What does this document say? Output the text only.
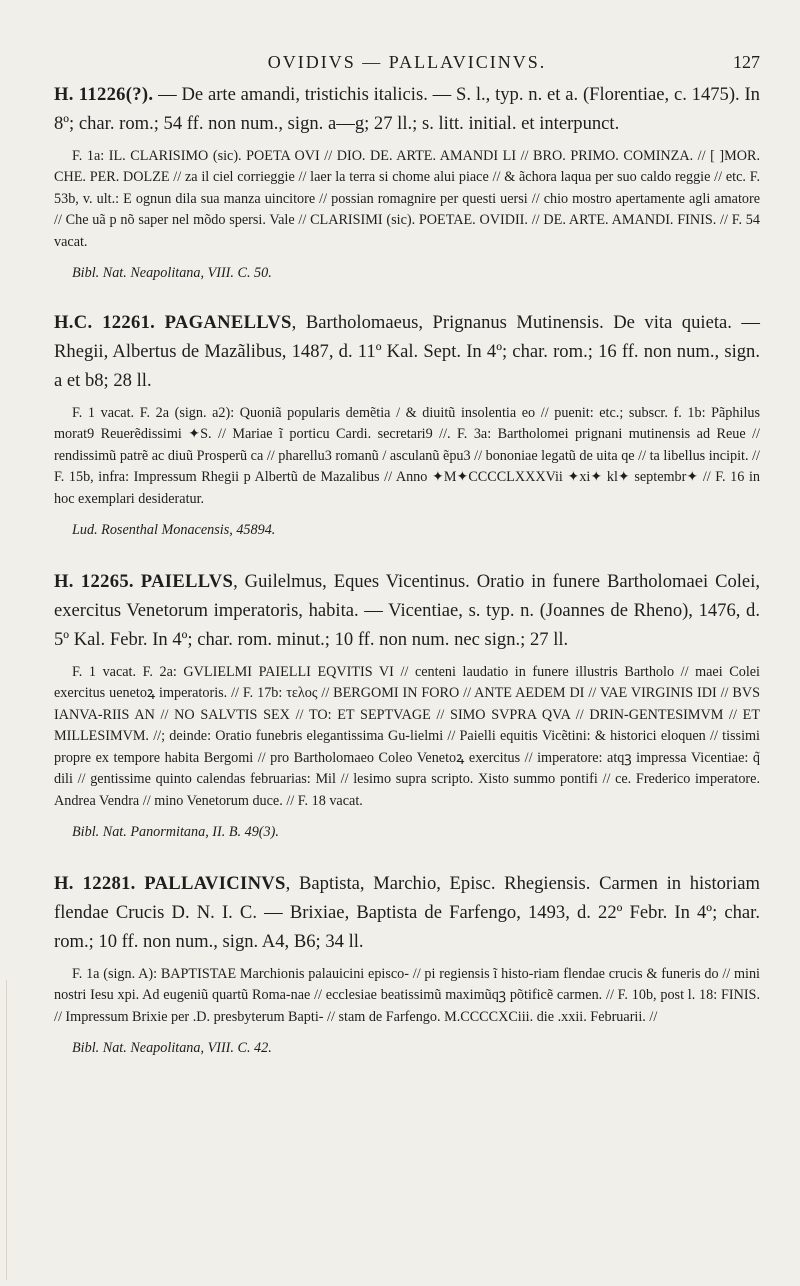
OVIDIVS — PALLAVICINVS.	127

H. 11226(?). — De arte amandi, tristichis italicis. — S. l., typ. n. et a. (Florentiae, c. 1475). In 8º; char. rom.; 54 ff. non num., sign. a—g; 27 ll.; s. litt. initial. et interpunct.

F. 1a: IL. CLARISIMO (sic). POETA OVI // DIO. DE. ARTE. AMANDI LI // BRO. PRIMO. COMINZA. // [ ]MOR. CHE. PER. DOLZE // za il ciel corrieggie // laer la terra si chome alui piace // & ãchora laqua per suo caldo reggie // etc. F. 53b, v. ult.: E ognun dila sua manza uincitore // possian romagnire per questi uersi // chio mostro apertamente agli amatore // Che uã p nõ saper nel mõdo spersi. Vale // CLARISIMI (sic). POETAE. OVIDII. // DE. ARTE. AMANDI. FINIS. // F. 54 vacat.

Bibl. Nat. Neapolitana, VIII. C. 50.

H.C. 12261. PAGANELLVS, Bartholomaeus, Prignanus Mutinensis. De vita quieta. — Rhegii, Albertus de Mazãlibus, 1487, d. 11º Kal. Sept. In 4º; char. rom.; 16 ff. non num., sign. a et b8; 28 ll.

F. 1 vacat. F. 2a (sign. a2): Quoniã popularis demẽtia / & diuitũ insolentia eo // puenit: etc.; subscr. f. 1b: Pãphilus morat9 Reuerẽdissimi ✦S. // Mariae ĩ porticu Cardi. secretari9 //. F. 3a: Bartholomei prignani mutinensis ad Reue // rendissimũ patrẽ ac diuũ Prosperũ ca // pharellu3 romanũ / asculanũ ẽpu3 // bononiae legatũ de uita qe // ta libellus incipit. // F. 15b, infra: Impressum Rhegii p Albertũ de Mazalibus // Anno ✦M✦CCCCLXXXVii ✦xi✦ kl✦ septembr✦ // F. 16 in hoc exemplari desideratur.

Lud. Rosenthal Monacensis, 45894.

H. 12265. PAIELLVS, Guilelmus, Eques Vicentinus. Oratio in funere Bartholomaei Colei, exercitus Venetorum imperatoris, habita. — Vicentiae, s. typ. n. (Joannes de Rheno), 1476, d. 5º Kal. Febr. In 4º; char. rom. minut.; 10 ff. non num. nec sign.; 27 ll.

F. 1 vacat. F. 2a: GVLIELMI PAIELLI EQVITIS VI // centeni laudatio in funere illustris Bartholo // maei Colei exercitus uenetoꝝ imperatoris. // F. 17b: τελος // BERGOMI IN FORO // ANTE AEDEM DI // VAE VIRGINIS IDI // BVS IANVA-RIIS AN // NO SALVTIS SEX // TO: ET SEPTVAGE // SIMO SVPRA QVA // DRIN-GENTESIMVM // ET MILLESIMVM. //; deinde: Oratio funebris elegantissima Gu-lielmi // Paielli equitis Vicẽtini: & historici eloquen // tissimi propre ex tempore habita Bergomi // pro Bartholomaeo Coleo Venetoꝝ exercitus // imperatore: atqꝫ impressa Vicentiae: q̃ dili // gentissime quinto calendas februarias: Mil // lesimo supra scripto. Xisto summo pontifi // ce. Frederico imperatore. Andrea Vendra // mino Venetorum duce. // F. 18 vacat.

Bibl. Nat. Panormitana, II. B. 49(3).

H. 12281. PALLAVICINVS, Baptista, Marchio, Episc. Rhegiensis. Carmen in historiam flendae Crucis D. N. I. C. — Brixiae, Baptista de Farfengo, 1493, d. 22º Febr. In 4º; char. rom.; 10 ff. non num., sign. A4, B6; 34 ll.

F. 1a (sign. A): BAPTISTAE Marchionis palauicini episco- // pi regiensis ĩ histo-riam flendae crucis & funeris do // mini nostri Iesu xpi. Ad eugeniũ quartũ Roma-nae // ecclesiae beatissimũ maximũqꝫ põtificẽ carmen. // F. 10b, post l. 18: FINIS. // Impressum Brixie per .D. presbyterum Bapti- // stam de Farfengo. M.CCCCXCiii. die .xxii. Februarii. //

Bibl. Nat. Neapolitana, VIII. C. 42.
